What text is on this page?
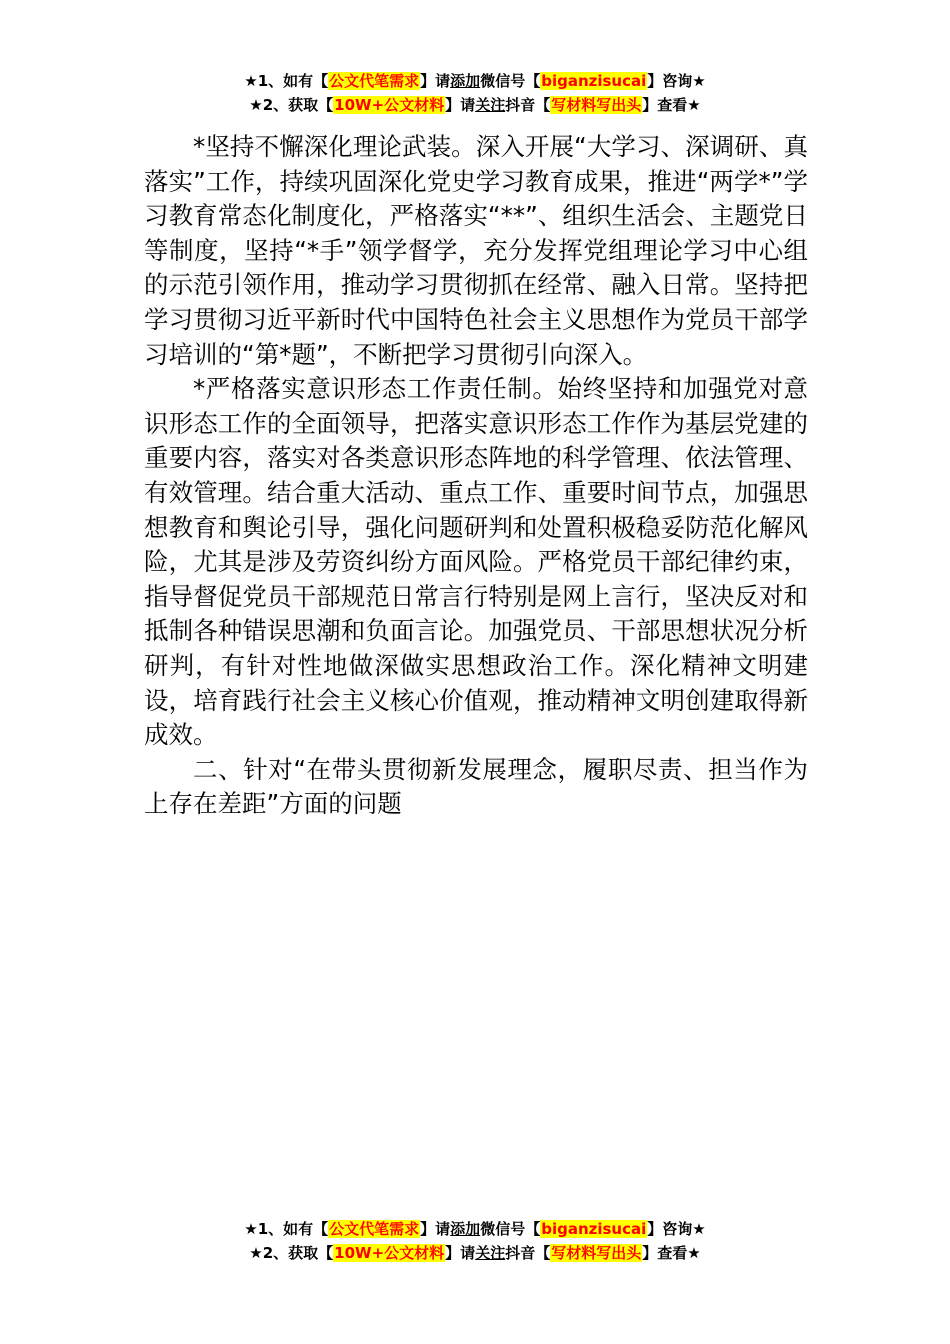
★1、如有【公文代笔需求】请添加微信号【biganzisucai】咨询★
★2、获取【10W+公文材料】请关注抖音【写材料写出头】查看★

*坚持不懈深化理论武装。深入开展“大学习、深调研、真落实”工作，持续巩固深化党史学习教育成果，推进“两学*”学习教育常态化制度化，严格落实“**”、组织生活会、主题党日等制度，坚持“*手”领学督学，充分发挥党组理论学习中心组的示范引领作用，推动学习贯彻抓在经常、融入日常。坚持把学习贯彻习近平新时代中国特色社会主义思想作为党员干部学习培训的“第*题”，不断把学习贯彻引向深入。

*严格落实意识形态工作责任制。始终坚持和加强党对意识形态工作的全面领导，把落实意识形态工作作为基层党建的重要内容，落实对各类意识形态阵地的科学管理、依法管理、有效管理。结合重大活动、重点工作、重要时间节点，加强思想教育和舆论引导，强化问题研判和处置积极稳妥防范化解风险，尤其是涉及劳资纠纷方面风险。严格党员干部纪律约束，指导督促党员干部规范日常言行特别是网上言行，坚决反对和抵制各种错误思潮和负面言论。加强党员、干部思想状况分析研判，有针对性地做深做实思想政治工作。深化精神文明建设，培育践行社会主义核心价值观，推动精神文明创建取得新成效。

二、针对“在带头贯彻新发展理念，履职尽责、担当作为上存在差距”方面的问题

★1、如有【公文代笔需求】请添加微信号【biganzisucai】咨询★
★2、获取【10W+公文材料】请关注抖音【写材料写出头】查看★
